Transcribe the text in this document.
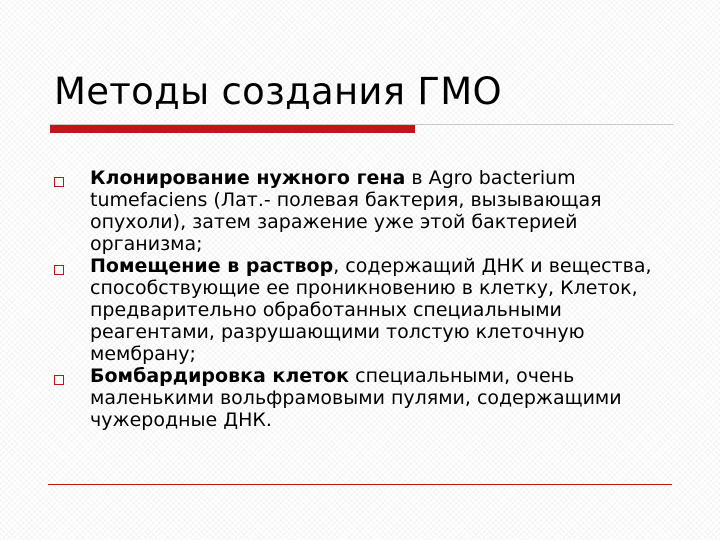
Методы создания ГМО
Клонирование нужного гена в Agro bacterium tumefaciens (Лат.- полевая бактерия, вызывающая опухоли), затем заражение уже этой бактерией организма;
Помещение в раствор, содержащий ДНК и вещества, способствующие ее проникновению в клетку, Клеток, предварительно обработанных специальными реагентами, разрушающими толстую клеточную мембрану;
Бомбардировка клеток специальными, очень маленькими вольфрамовыми пулями, содержащими чужеродные ДНК.
